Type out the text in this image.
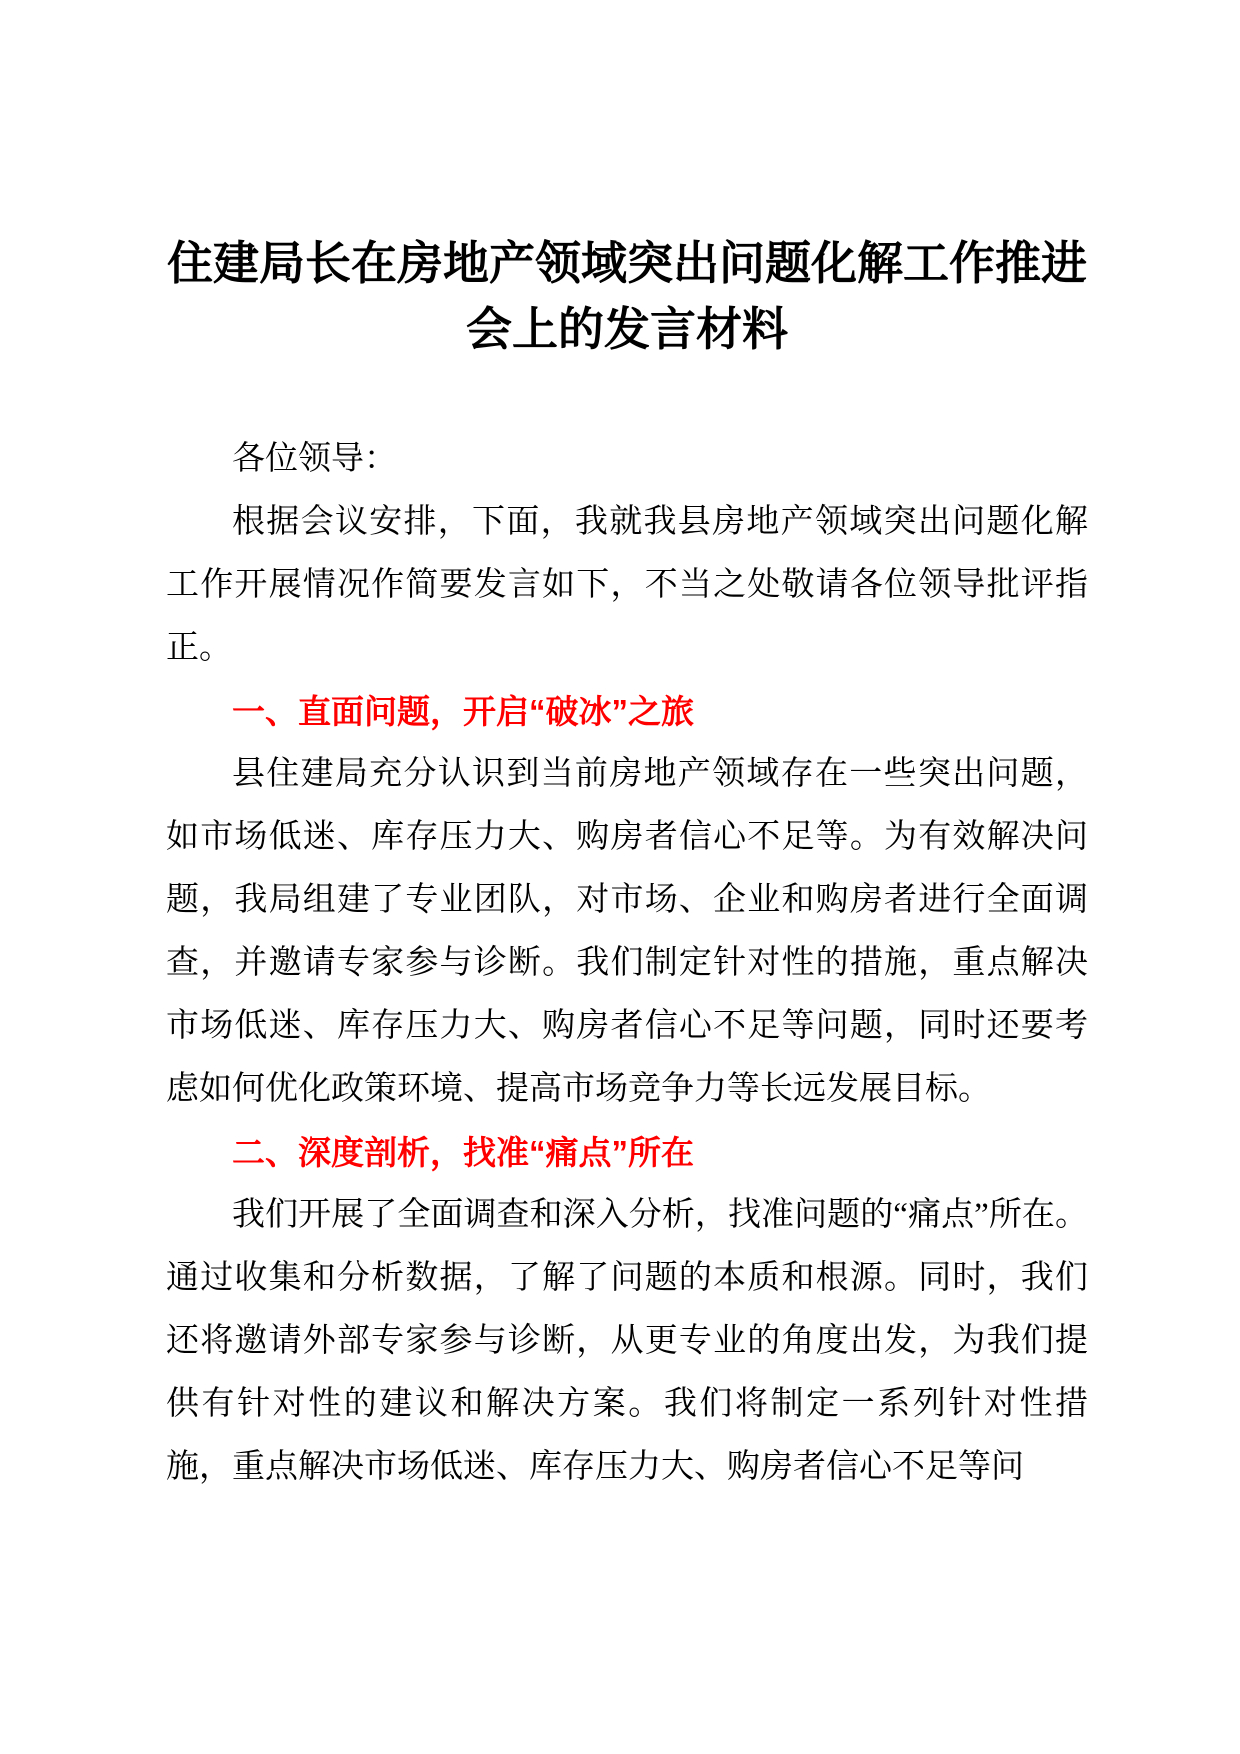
住建局长在房地产领域突出问题化解工作推进会上的发言材料

各位领导：

根据会议安排，下面，我就我县房地产领域突出问题化解工作开展情况作简要发言如下，不当之处敬请各位领导批评指正。

一、直面问题，开启“破冰”之旅

县住建局充分认识到当前房地产领域存在一些突出问题，如市场低迷、库存压力大、购房者信心不足等。为有效解决问题，我局组建了专业团队，对市场、企业和购房者进行全面调查，并邀请专家参与诊断。我们制定针对性的措施，重点解决市场低迷、库存压力大、购房者信心不足等问题，同时还要考虑如何优化政策环境、提高市场竞争力等长远发展目标。

二、深度剖析，找准“痛点”所在

我们开展了全面调查和深入分析，找准问题的“痛点”所在。通过收集和分析数据，了解了问题的本质和根源。同时，我们还将邀请外部专家参与诊断，从更专业的角度出发，为我们提供有针对性的建议和解决方案。我们将制定一系列针对性措施，重点解决市场低迷、库存压力大、购房者信心不足等问
